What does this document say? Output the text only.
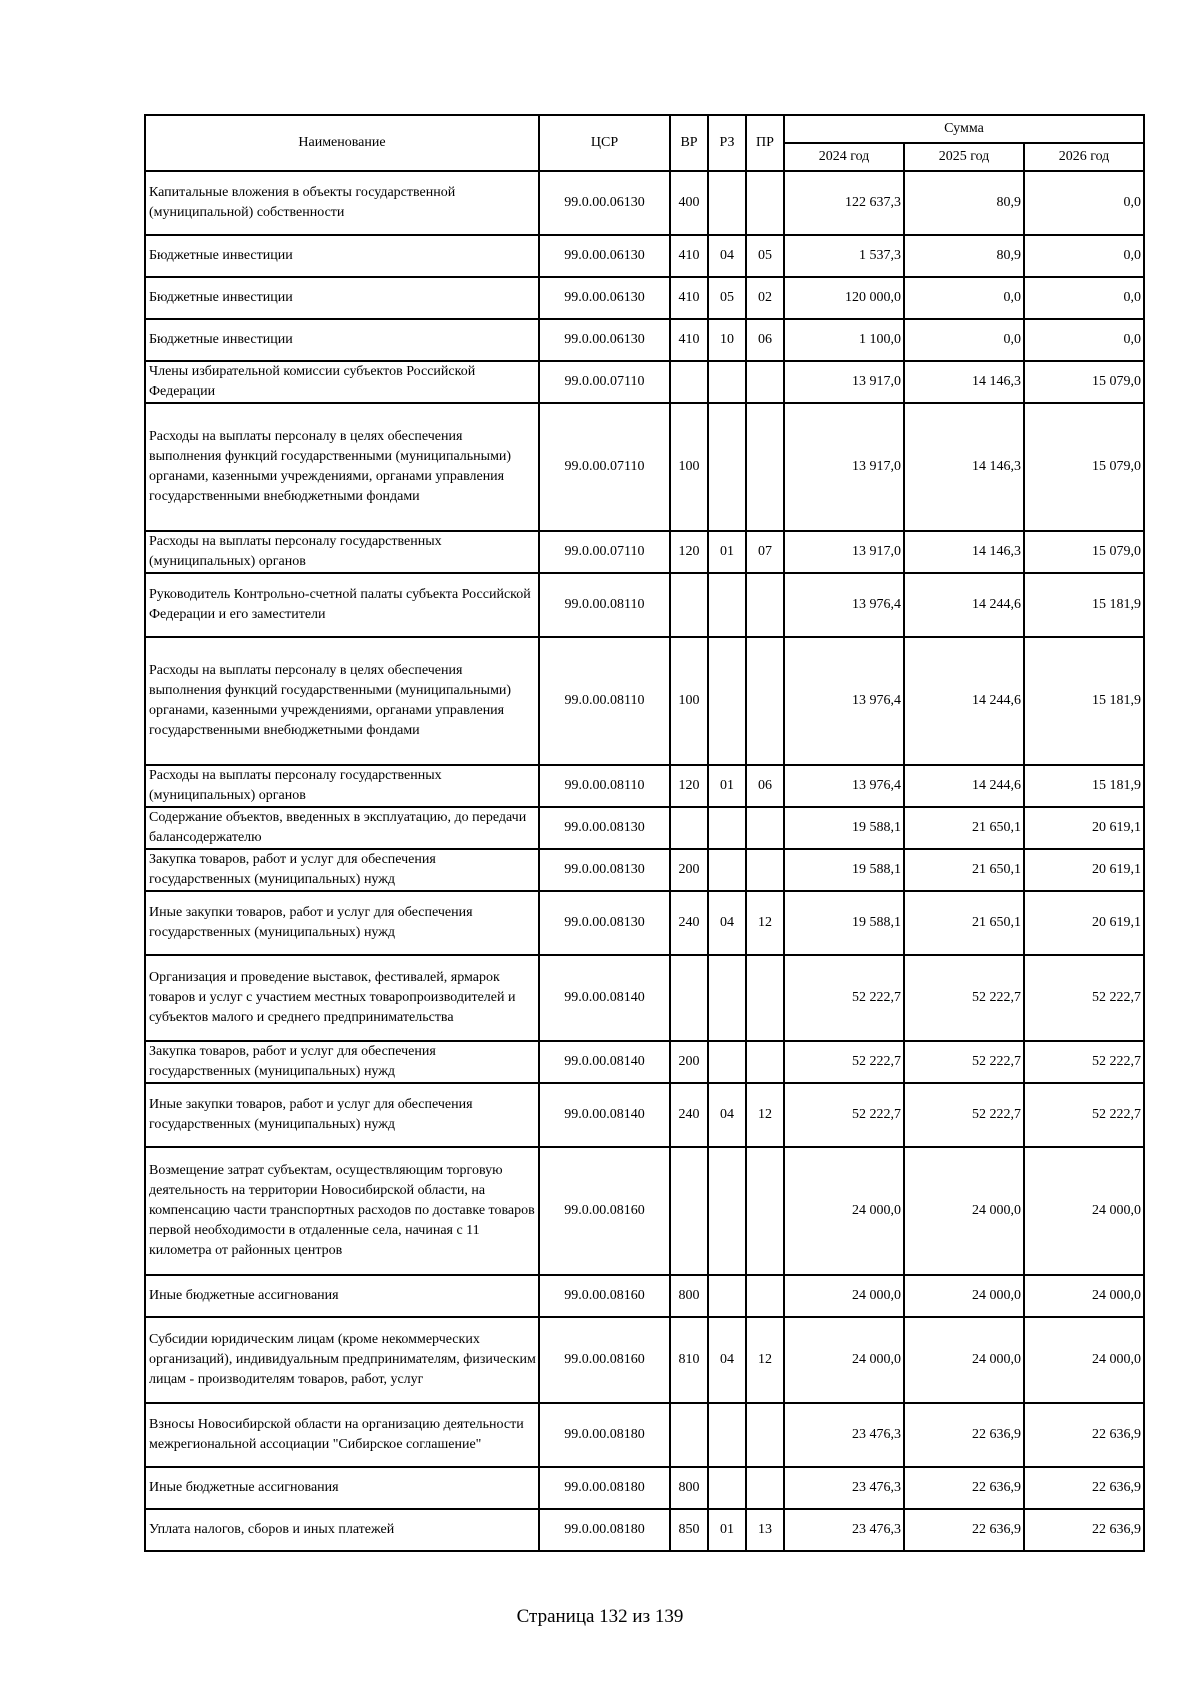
Наименование	ЦСР	ВР	РЗ	ПР	Сумма		
					2024 год	2025 год	2026 год
Капитальные вложения в объекты государственной (муниципальной) собственности	99.0.00.06130	400			122 637,3	80,9	0,0
Бюджетные инвестиции	99.0.00.06130	410	04	05	1 537,3	80,9	0,0
Бюджетные инвестиции	99.0.00.06130	410	05	02	120 000,0	0,0	0,0
Бюджетные инвестиции	99.0.00.06130	410	10	06	1 100,0	0,0	0,0
Члены избирательной комиссии субъектов Российской Федерации	99.0.00.07110				13 917,0	14 146,3	15 079,0
Расходы на выплаты персоналу в целях обеспечения выполнения функций государственными (муниципальными) органами, казенными учреждениями, органами управления государственными внебюджетными фондами	99.0.00.07110	100			13 917,0	14 146,3	15 079,0
Расходы на выплаты персоналу государственных (муниципальных) органов	99.0.00.07110	120	01	07	13 917,0	14 146,3	15 079,0
Руководитель Контрольно-счетной палаты субъекта Российской Федерации и его заместители	99.0.00.08110				13 976,4	14 244,6	15 181,9
Расходы на выплаты персоналу в целях обеспечения выполнения функций государственными (муниципальными) органами, казенными учреждениями, органами управления государственными внебюджетными фондами	99.0.00.08110	100			13 976,4	14 244,6	15 181,9
Расходы на выплаты персоналу государственных (муниципальных) органов	99.0.00.08110	120	01	06	13 976,4	14 244,6	15 181,9
Содержание объектов, введенных в эксплуатацию, до передачи балансодержателю	99.0.00.08130				19 588,1	21 650,1	20 619,1
Закупка товаров, работ и услуг для обеспечения государственных (муниципальных) нужд	99.0.00.08130	200			19 588,1	21 650,1	20 619,1
Иные закупки товаров, работ и услуг для обеспечения государственных (муниципальных) нужд	99.0.00.08130	240	04	12	19 588,1	21 650,1	20 619,1
Организация и проведение выставок, фестивалей, ярмарок товаров и услуг с участием местных товаропроизводителей и субъектов малого и среднего предпринимательства	99.0.00.08140				52 222,7	52 222,7	52 222,7
Закупка товаров, работ и услуг для обеспечения государственных (муниципальных) нужд	99.0.00.08140	200			52 222,7	52 222,7	52 222,7
Иные закупки товаров, работ и услуг для обеспечения государственных (муниципальных) нужд	99.0.00.08140	240	04	12	52 222,7	52 222,7	52 222,7
Возмещение затрат субъектам, осуществляющим торговую деятельность на территории Новосибирской области, на компенсацию части транспортных расходов по доставке товаров первой необходимости в отдаленные села, начиная с 11 километра от районных центров	99.0.00.08160				24 000,0	24 000,0	24 000,0
Иные бюджетные ассигнования	99.0.00.08160	800			24 000,0	24 000,0	24 000,0
Субсидии юридическим лицам (кроме некоммерческих организаций), индивидуальным предпринимателям, физическим лицам - производителям товаров, работ, услуг	99.0.00.08160	810	04	12	24 000,0	24 000,0	24 000,0
Взносы Новосибирской области на организацию деятельности межрегиональной ассоциации "Сибирское соглашение"	99.0.00.08180				23 476,3	22 636,9	22 636,9
Иные бюджетные ассигнования	99.0.00.08180	800			23 476,3	22 636,9	22 636,9
Уплата налогов, сборов и иных платежей	99.0.00.08180	850	01	13	23 476,3	22 636,9	22 636,9
Страница 132 из 139
